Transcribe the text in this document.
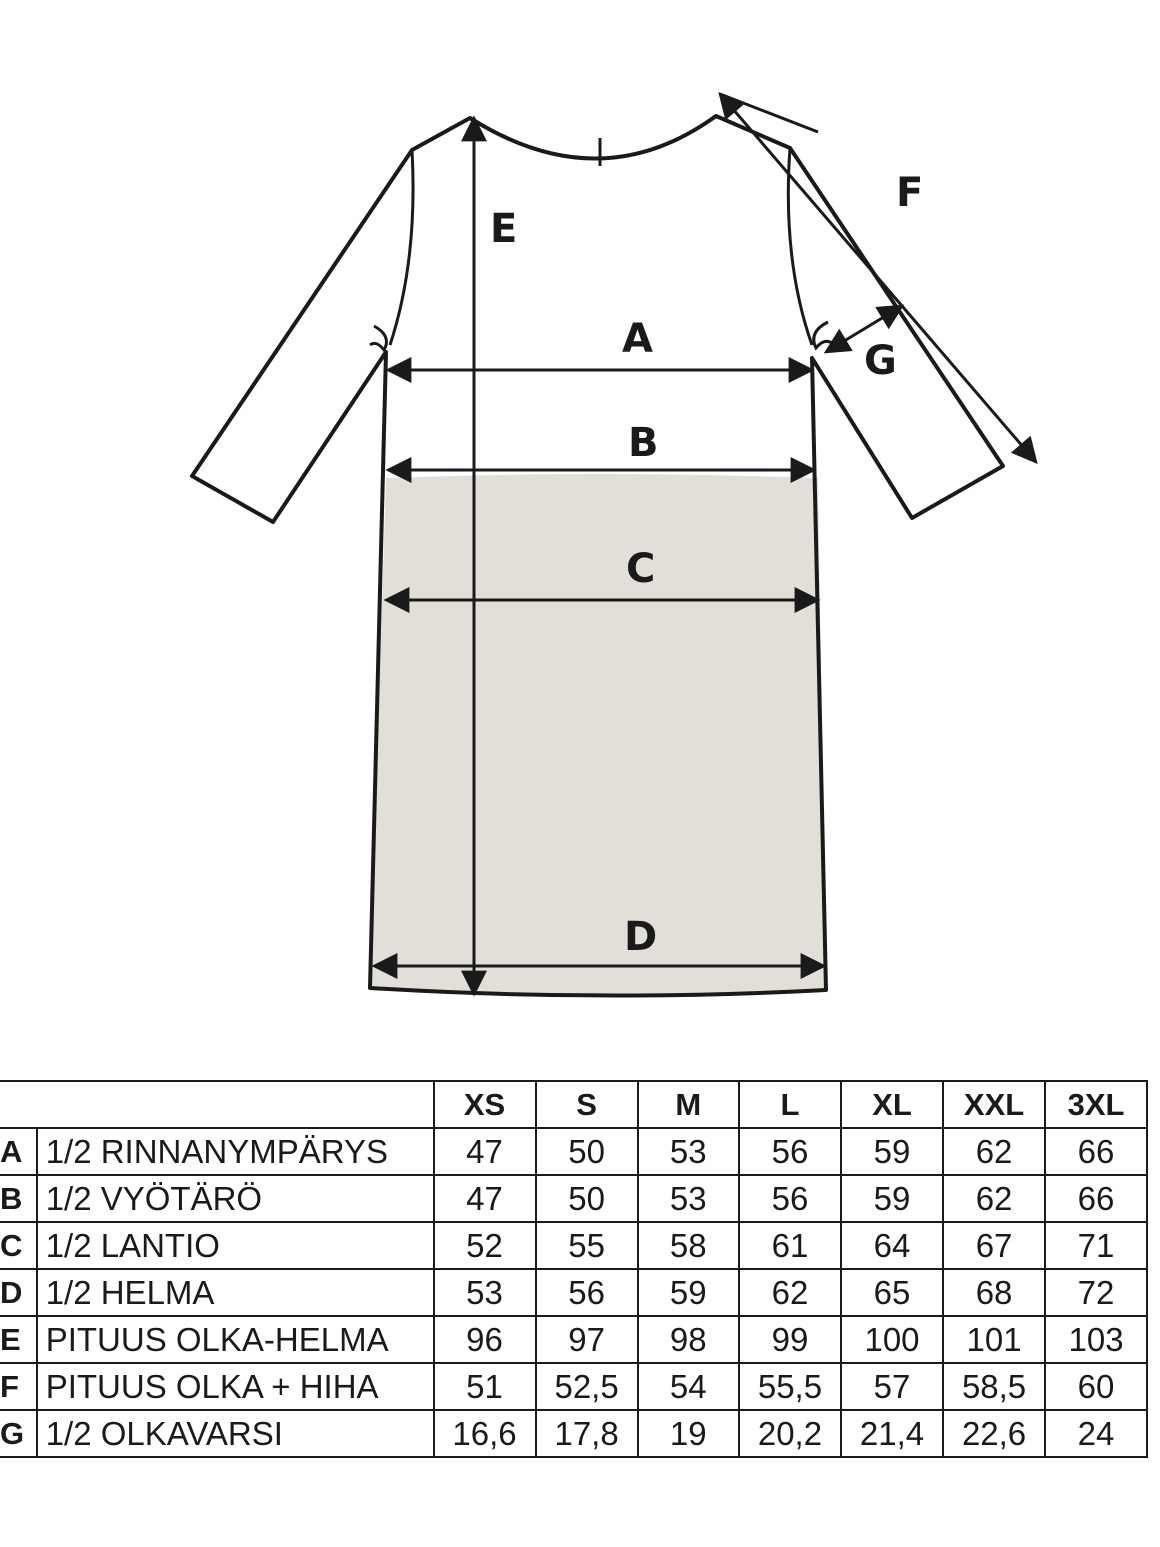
A
B
C
D
E
F
G
		XS	S	M	L	XL	XXL	3XL
A	1/2 RINNANYMPÄRYS	47	50	53	56	59	62	66
B	1/2 VYÖTÄRÖ	47	50	53	56	59	62	66
C	1/2 LANTIO	52	55	58	61	64	67	71
D	1/2 HELMA	53	56	59	62	65	68	72
E	PITUUS OLKA-HELMA	96	97	98	99	100	101	103
F	PITUUS OLKA + HIHA	51	52,5	54	55,5	57	58,5	60
G	1/2 OLKAVARSI	16,6	17,8	19	20,2	21,4	22,6	24
